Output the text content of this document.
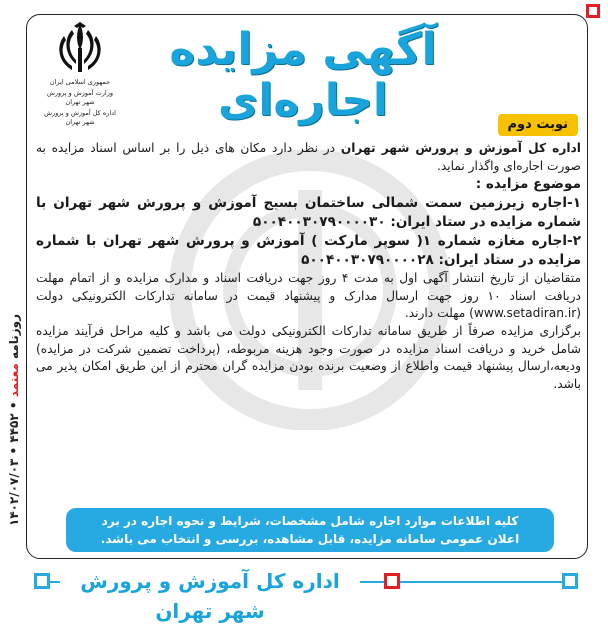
جمهوری اسلامی ایران
وزارت آموزش و پرورش شهر تهران
اداره کل آموزش و پرورش شهر تهران
آگهی مزایده اجاره‌ای	نوبت دوم

اداره کل آموزش و پرورش شهر تهران در نظر دارد مکان های ذیل را بر اساس اسناد مزایده به صورت اجاره‌ای واگذار نماید.

موضوع مزایده :

۱-اجاره زیرزمین سمت شمالی ساختمان بسیج آموزش و پرورش شهر تهران با شماره مزایده در ستاد ایران: ۵۰۰۴۰۰۳۰۷۹۰۰۰۰۳۰

۲-اجاره مغازه شماره ۱( سوپر مارکت ) آموزش و پرورش شهر تهران با شماره مزایده در ستاد ایران: ۵۰۰۴۰۰۳۰۷۹۰۰۰۰۲۸

متقاضیان از تاریخ انتشار آگهی اول به مدت ۴ روز جهت دریافت اسناد و مدارک مزایده و از اتمام مهلت دریافت اسناد ۱۰ روز جهت ارسال مدارک و پیشنهاد قیمت در سامانه تدارکات الکترونیکی دولت (www.setadiran.ir) مهلت دارند.

برگزاری مزایده صرفاً از طریق سامانه تدارکات الکترونیکی دولت می باشد و کلیه مراحل فرآیند مزایده شامل خرید و دریافت اسناد مزایده در صورت وجود هزینه مربوطه، (پرداخت تضمین شرکت در مزایده) ودیعه،ارسال پیشنهاد قیمت واطلاع از وضعیت برنده بودن مزایده گران محترم از این طریق امکان پذیر می باشد.

کلیه اطلاعات موارد اجاره شامل مشخصات، شرایط و نحوه اجاره در برد
اعلان عمومی سامانه مزایده، قابل مشاهده، بررسی و انتخاب می باشد.
روزنامه معتمد • ۴۴۵۲ • ۱۴۰۲/۰۷/۰۳
اداره کل آموزش و پرورش شهر تهران
